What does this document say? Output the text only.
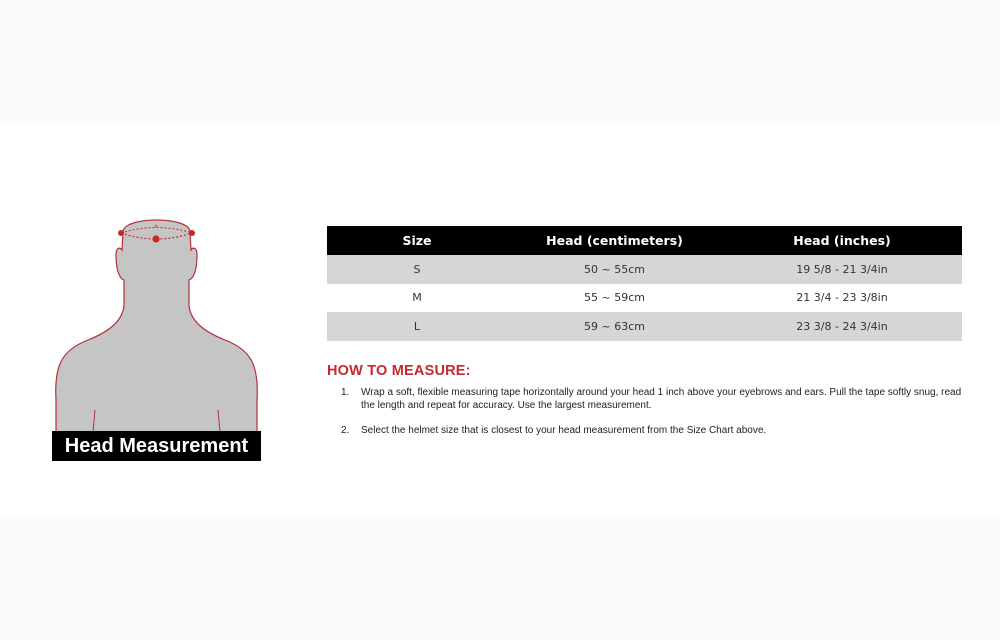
Head Measurement
Size	Head (centimeters)	Head (inches)
S	50 ~ 55cm	19 5/8 - 21 3/4in
M	55 ~ 59cm	21 3/4 - 23 3/8in
L	59 ~ 63cm	23 3/8 - 24 3/4in
HOW TO MEASURE:
1. Wrap a soft, flexible measuring tape horizontally around your head 1 inch above your eyebrows and ears. Pull the tape softly snug, read the length and repeat for accuracy. Use the largest measurement.
2. Select the helmet size that is closest to your head measurement from the Size Chart above.
